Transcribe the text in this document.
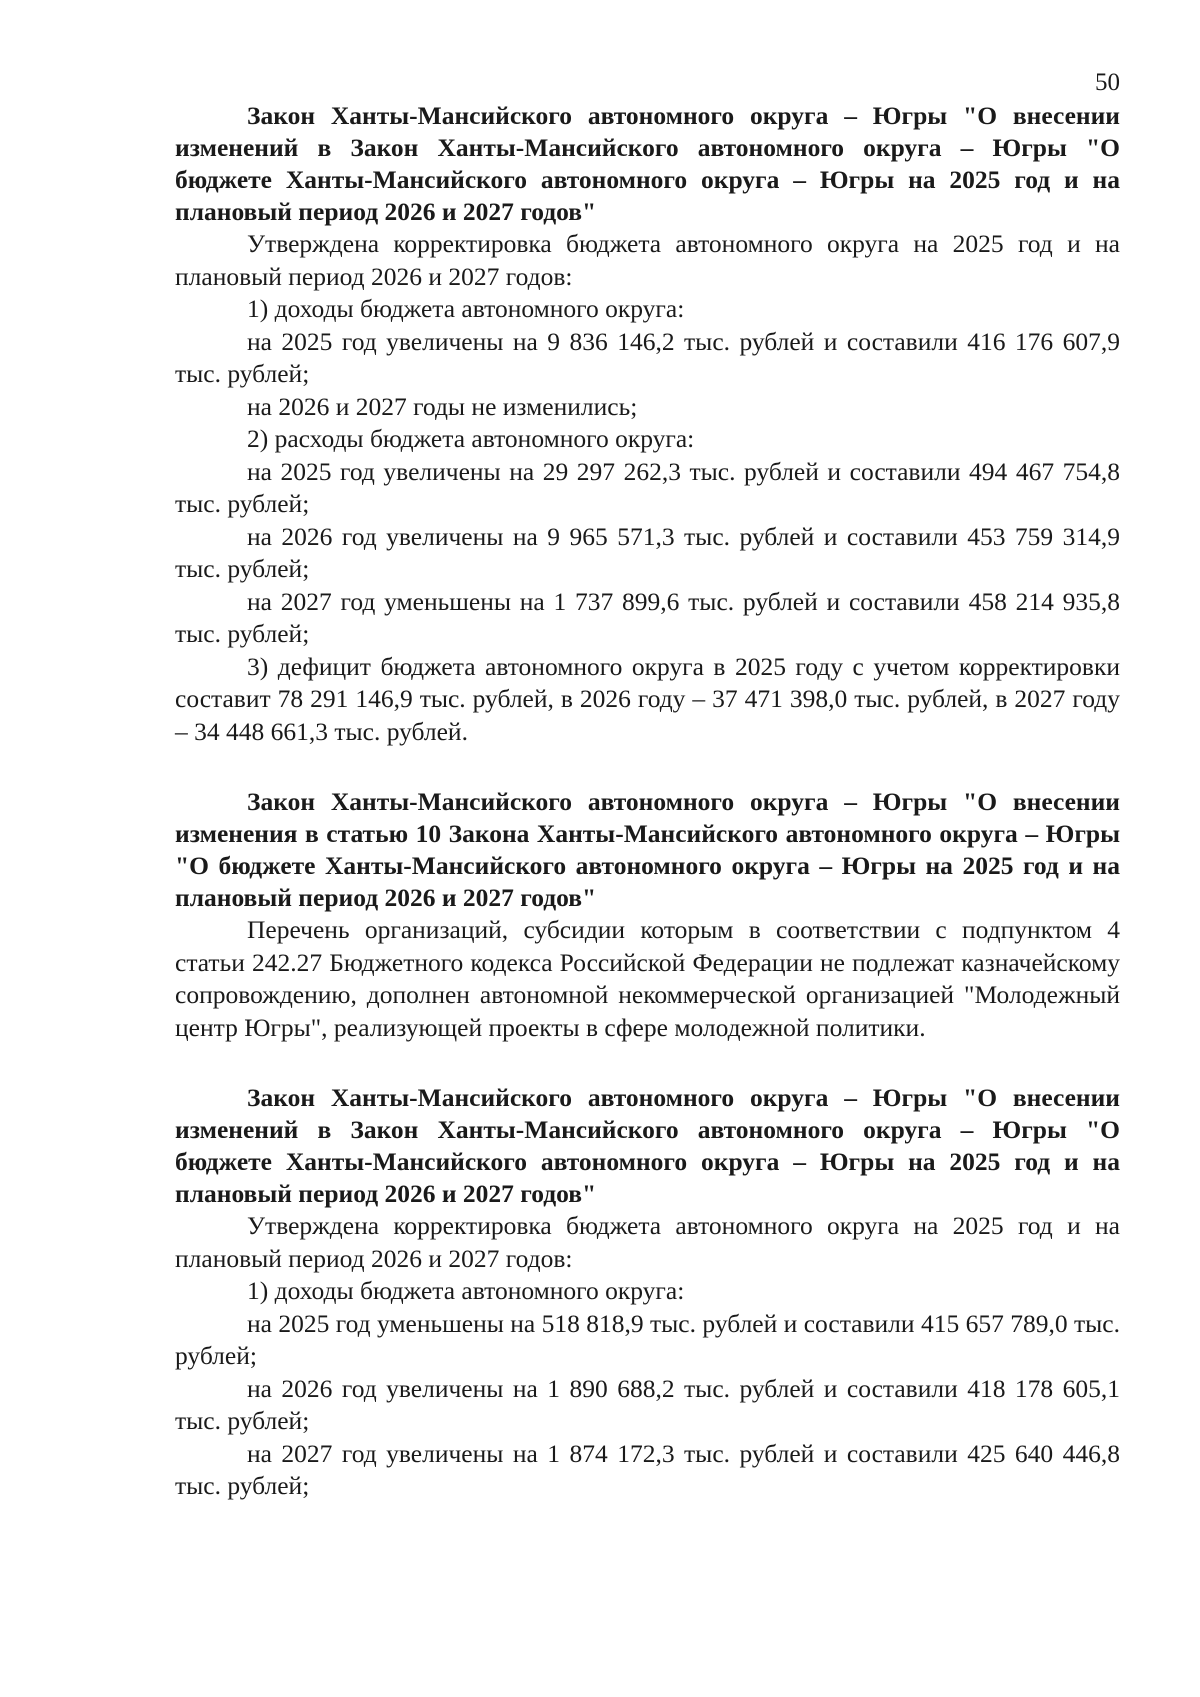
50

Закон Ханты-Мансийского автономного округа – Югры "О внесении изменений в Закон Ханты-Мансийского автономного округа – Югры "О бюджете Ханты-Мансийского автономного округа – Югры на 2025 год и на плановый период 2026 и 2027 годов"

Утверждена корректировка бюджета автономного округа на 2025 год и на плановый период 2026 и 2027 годов:

1) доходы бюджета автономного округа:

на 2025 год увеличены на 9 836 146,2 тыс. рублей и составили 416 176 607,9 тыс. рублей;

на 2026 и 2027 годы не изменились;

2) расходы бюджета автономного округа:

на 2025 год увеличены на 29 297 262,3 тыс. рублей и составили 494 467 754,8 тыс. рублей;

на 2026 год увеличены на 9 965 571,3 тыс. рублей и составили 453 759 314,9 тыс. рублей;

на 2027 год уменьшены на 1 737 899,6 тыс. рублей и составили 458 214 935,8 тыс. рублей;

3) дефицит бюджета автономного округа в 2025 году с учетом корректировки составит 78 291 146,9 тыс. рублей, в 2026 году – 37 471 398,0 тыс. рублей, в 2027 году – 34 448 661,3 тыс. рублей.

Закон Ханты-Мансийского автономного округа – Югры "О внесении изменения в статью 10 Закона Ханты-Мансийского автономного округа – Югры "О бюджете Ханты-Мансийского автономного округа – Югры на 2025 год и на плановый период 2026 и 2027 годов"

Перечень организаций, субсидии которым в соответствии с подпунктом 4 статьи 242.27 Бюджетного кодекса Российской Федерации не подлежат казначейскому сопровождению, дополнен автономной некоммерческой организацией "Молодежный центр Югры", реализующей проекты в сфере молодежной политики.

Закон Ханты-Мансийского автономного округа – Югры "О внесении изменений в Закон Ханты-Мансийского автономного округа – Югры "О бюджете Ханты-Мансийского автономного округа – Югры на 2025 год и на плановый период 2026 и 2027 годов"

Утверждена корректировка бюджета автономного округа на 2025 год и на плановый период 2026 и 2027 годов:

1) доходы бюджета автономного округа:

на 2025 год уменьшены на 518 818,9 тыс. рублей и составили 415 657 789,0 тыс. рублей;

на 2026 год увеличены на 1 890 688,2 тыс. рублей и составили 418 178 605,1 тыс. рублей;

на 2027 год увеличены на 1 874 172,3 тыс. рублей и составили 425 640 446,8 тыс. рублей;
